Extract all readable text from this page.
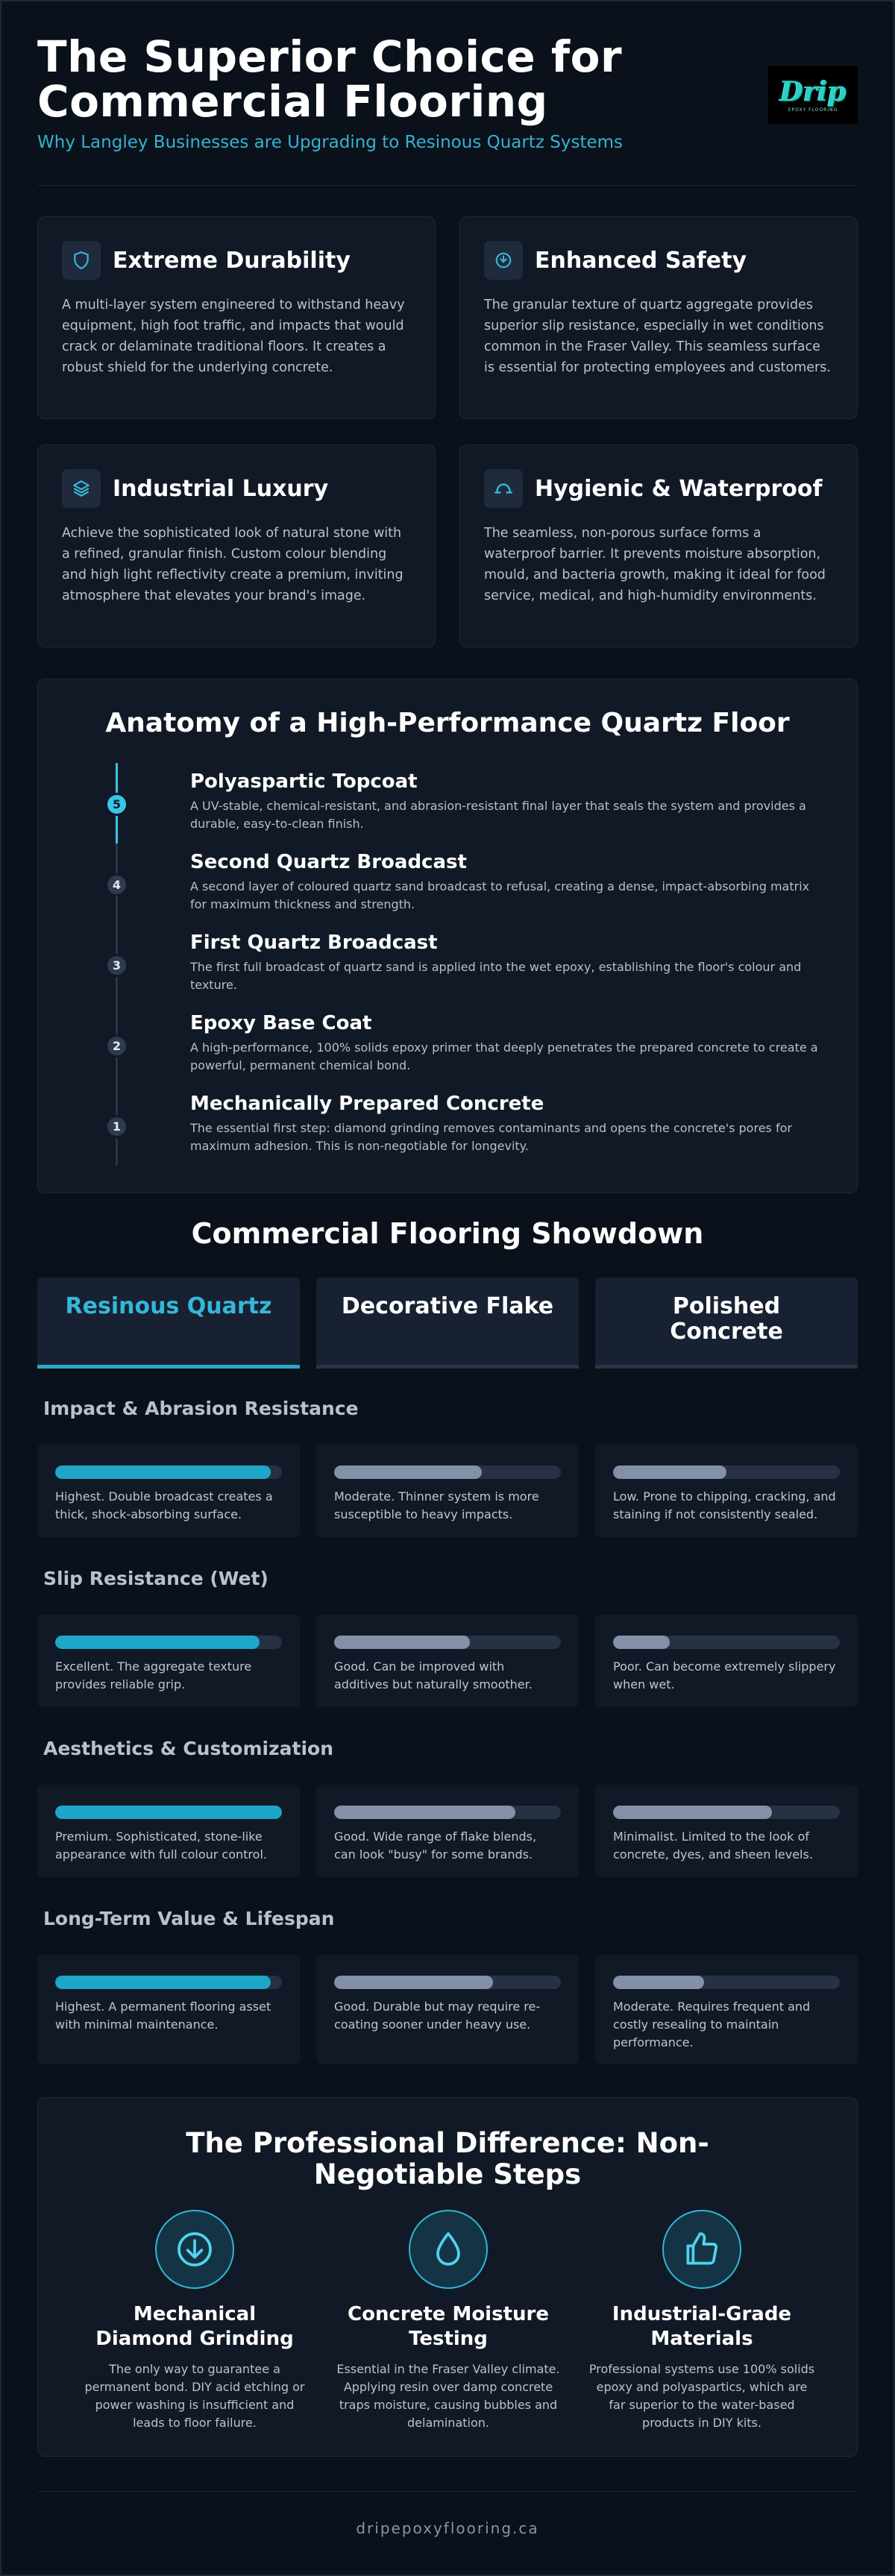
The Superior Choice for Commercial Flooring
Why Langley Businesses are Upgrading to Resinous Quartz Systems
Drip
EPOXY FLOORING
Extreme Durability
A multi-layer system engineered to withstand heavy equipment, high foot traffic, and impacts that would crack or delaminate traditional floors. It creates a robust shield for the underlying concrete.
Enhanced Safety
The granular texture of quartz aggregate provides superior slip resistance, especially in wet conditions common in the Fraser Valley. This seamless surface is essential for protecting employees and customers.
Industrial Luxury
Achieve the sophisticated look of natural stone with a refined, granular finish. Custom colour blending and high light reflectivity create a premium, inviting atmosphere that elevates your brand's image.
Hygienic & Waterproof
The seamless, non-porous surface forms a waterproof barrier. It prevents moisture absorption, mould, and bacteria growth, making it ideal for food service, medical, and high-humidity environments.
Anatomy of a High-Performance Quartz Floor
5
Polyaspartic Topcoat
A UV-stable, chemical-resistant, and abrasion-resistant final layer that seals the system and provides a durable, easy-to-clean finish.
4
Second Quartz Broadcast
A second layer of coloured quartz sand broadcast to refusal, creating a dense, impact-absorbing matrix for maximum thickness and strength.
3
First Quartz Broadcast
The first full broadcast of quartz sand is applied into the wet epoxy, establishing the floor's colour and texture.
2
Epoxy Base Coat
A high-performance, 100% solids epoxy primer that deeply penetrates the prepared concrete to create a powerful, permanent chemical bond.
1
Mechanically Prepared Concrete
The essential first step: diamond grinding removes contaminants and opens the concrete's pores for maximum adhesion. This is non-negotiable for longevity.
Commercial Flooring Showdown
Resinous Quartz	Decorative Flake	Polished Concrete
Impact & Abrasion Resistance
Highest. Double broadcast creates a thick, shock-absorbing surface.
Moderate. Thinner system is more susceptible to heavy impacts.
Low. Prone to chipping, cracking, and staining if not consistently sealed.
Slip Resistance (Wet)
Excellent. The aggregate texture provides reliable grip.
Good. Can be improved with additives but naturally smoother.
Poor. Can become extremely slippery when wet.
Aesthetics & Customization
Premium. Sophisticated, stone-like appearance with full colour control.
Good. Wide range of flake blends, can look "busy" for some brands.
Minimalist. Limited to the look of concrete, dyes, and sheen levels.
Long-Term Value & Lifespan
Highest. A permanent flooring asset with minimal maintenance.
Good. Durable but may require re-coating sooner under heavy use.
Moderate. Requires frequent and costly resealing to maintain performance.
The Professional Difference: Non-Negotiable Steps
Mechanical Diamond Grinding
The only way to guarantee a permanent bond. DIY acid etching or power washing is insufficient and leads to floor failure.
Concrete Moisture Testing
Essential in the Fraser Valley climate. Applying resin over damp concrete traps moisture, causing bubbles and delamination.
Industrial-Grade Materials
Professional systems use 100% solids epoxy and polyaspartics, which are far superior to the water-based products in DIY kits.
dripepoxyflooring.ca
